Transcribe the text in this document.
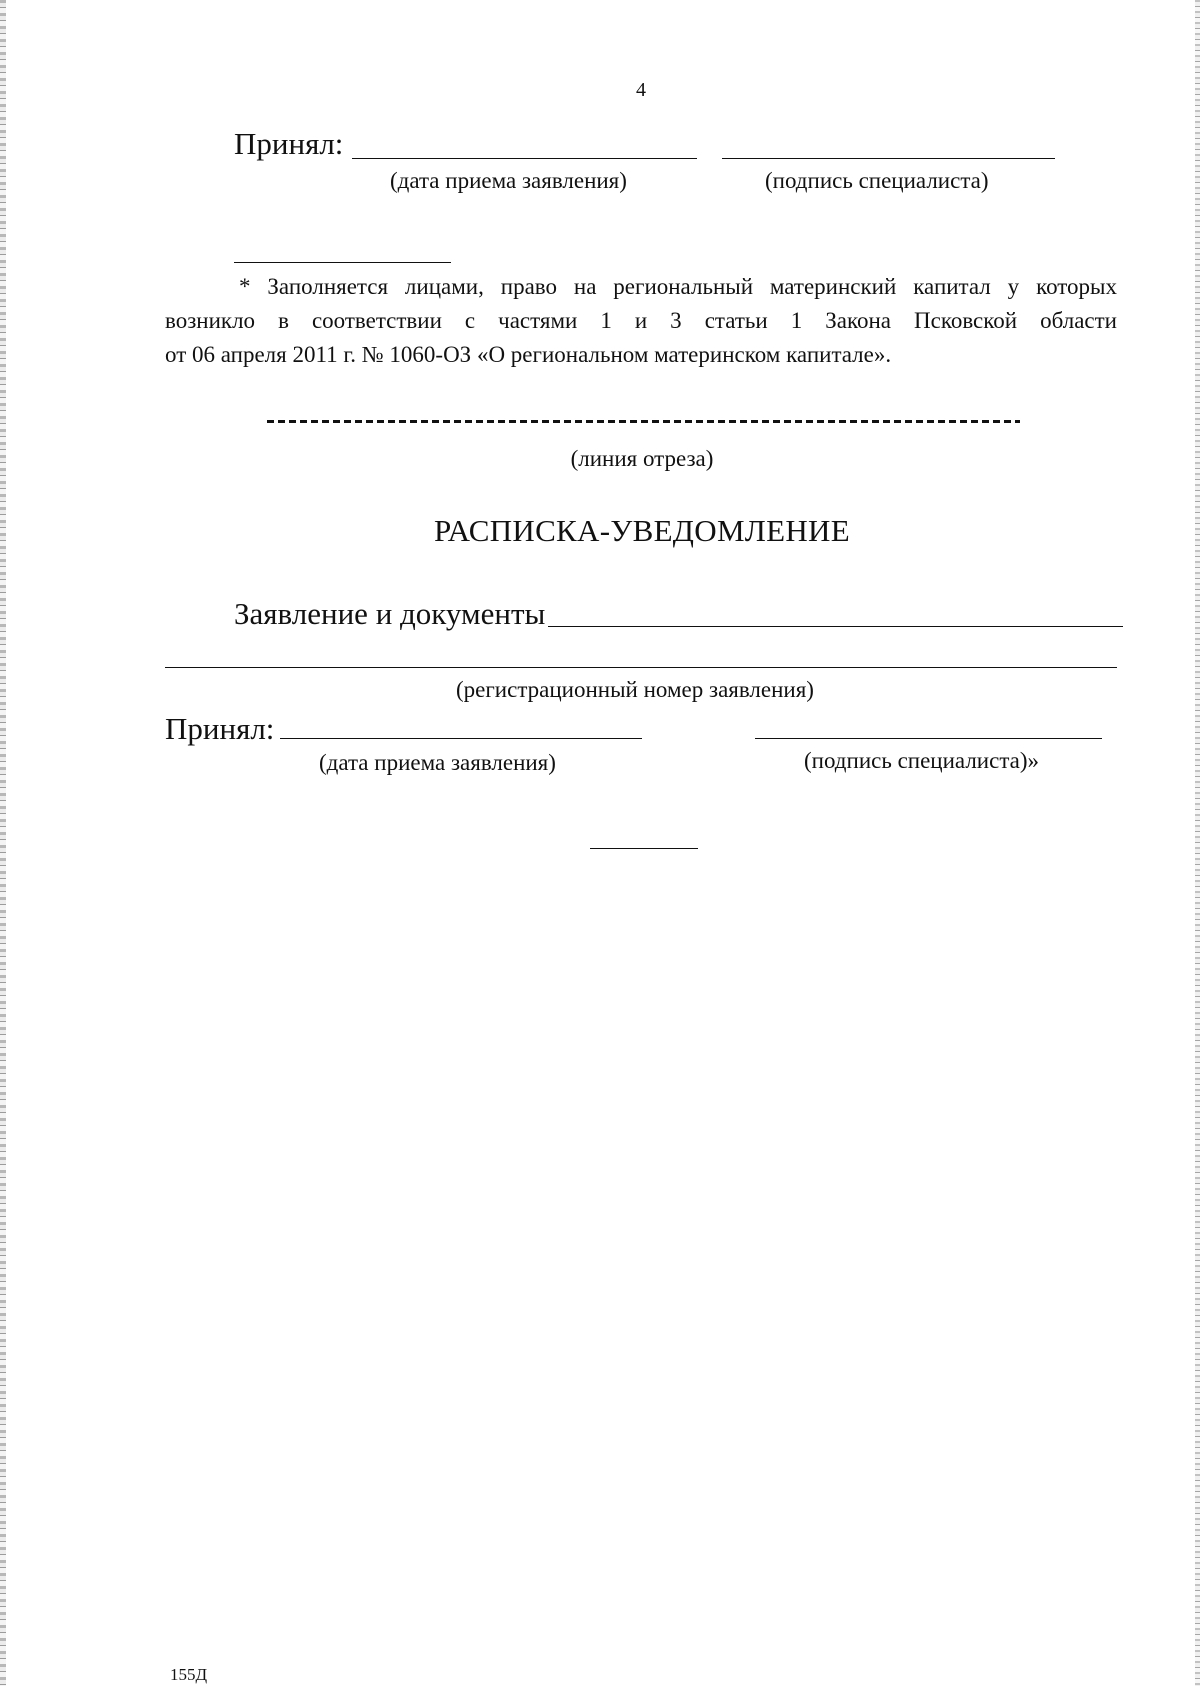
4
Принял:
(дата приема заявления)	(подпись специалиста)
* Заполняется лицами, право на региональный материнский капитал у которых
возникло в соответствии с частями 1 и 3 статьи 1 Закона Псковской области
от 06 апреля 2011 г. № 1060-ОЗ «О региональном материнском капитале».
(линия отреза)
РАСПИСКА-УВЕДОМЛЕНИЕ
Заявление и документы
(регистрационный номер заявления)
Принял:
(дата приема заявления)	(подпись специалиста)»
155Д
